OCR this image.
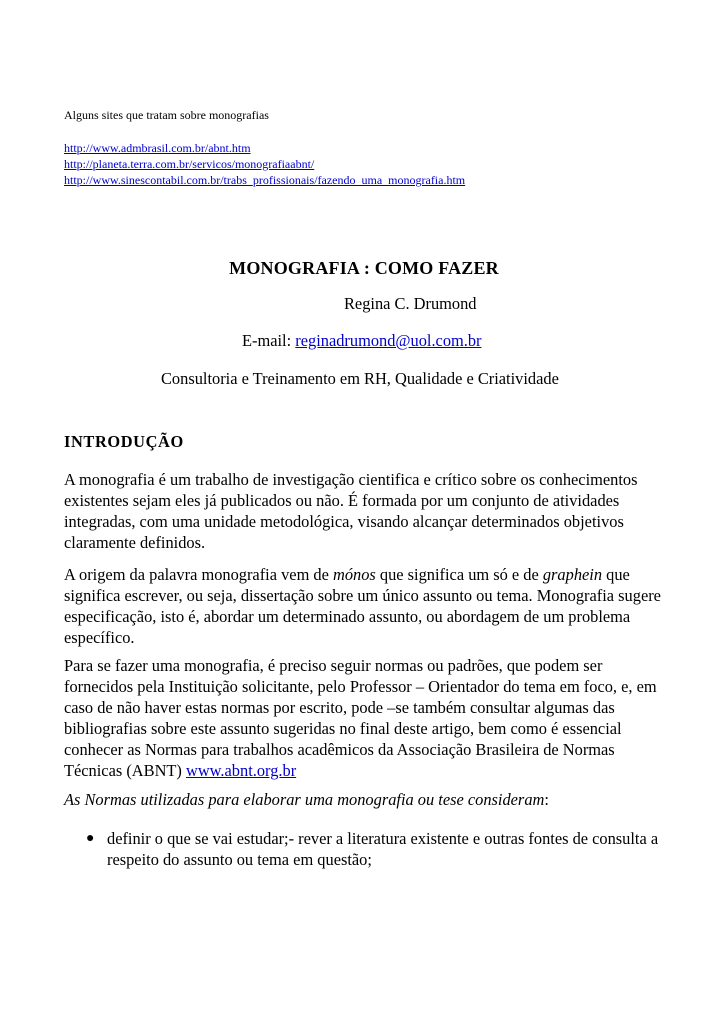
Alguns sites que tratam sobre monografias
http://www.admbrasil.com.br/abnt.htm
http://planeta.terra.com.br/servicos/monografiaabnt/
http://www.sinescontabil.com.br/trabs_profissionais/fazendo_uma_monografia.htm
MONOGRAFIA : COMO FAZER
Regina C. Drumond
E-mail: reginadrumond@uol.com.br
Consultoria e Treinamento em RH, Qualidade e Criatividade
INTRODUÇÃO
A monografia é um trabalho de investigação cientifica e crítico sobre os conhecimentos existentes sejam eles já publicados ou não. É formada por um conjunto de atividades integradas, com uma unidade metodológica, visando alcançar determinados objetivos claramente definidos.
A origem da palavra monografia vem de mónos que significa um só e de graphein que significa escrever, ou seja, dissertação sobre um único assunto ou tema. Monografia sugere especificação, isto é, abordar um determinado assunto, ou abordagem de um problema específico.
Para se fazer uma monografia, é preciso seguir normas ou padrões, que podem ser fornecidos pela Instituição solicitante, pelo Professor – Orientador do tema em foco, e, em caso de não haver estas normas por escrito, pode –se também consultar algumas das bibliografias sobre este assunto sugeridas no final deste artigo, bem como é essencial conhecer as Normas para trabalhos acadêmicos da Associação Brasileira de Normas Técnicas (ABNT) www.abnt.org.br
As Normas utilizadas para elaborar uma monografia ou tese consideram:
● definir o que se vai estudar;- rever a literatura existente e outras fontes de consulta a respeito do assunto ou tema em questão;
